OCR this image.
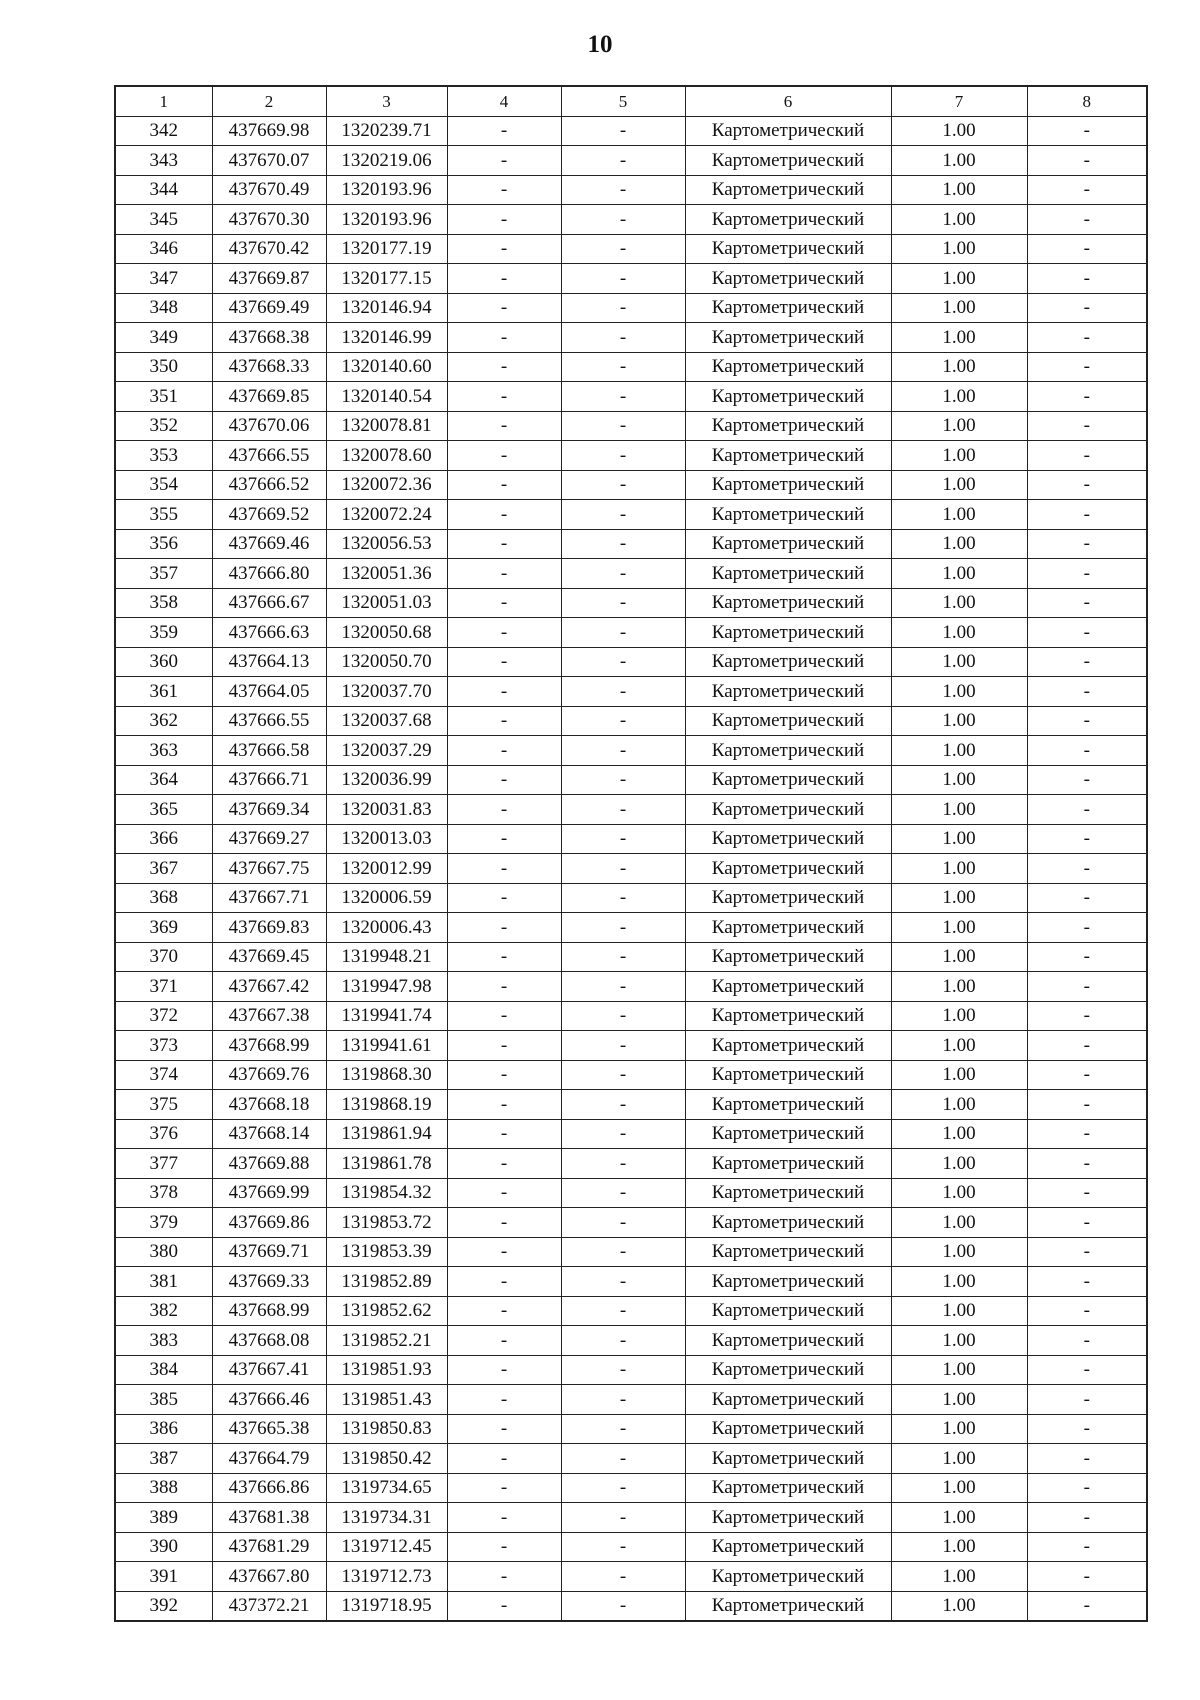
10
1	2	3	4	5	6	7	8
342	437669.98	1320239.71	-	-	Картометрический	1.00	-
343	437670.07	1320219.06	-	-	Картометрический	1.00	-
344	437670.49	1320193.96	-	-	Картометрический	1.00	-
345	437670.30	1320193.96	-	-	Картометрический	1.00	-
346	437670.42	1320177.19	-	-	Картометрический	1.00	-
347	437669.87	1320177.15	-	-	Картометрический	1.00	-
348	437669.49	1320146.94	-	-	Картометрический	1.00	-
349	437668.38	1320146.99	-	-	Картометрический	1.00	-
350	437668.33	1320140.60	-	-	Картометрический	1.00	-
351	437669.85	1320140.54	-	-	Картометрический	1.00	-
352	437670.06	1320078.81	-	-	Картометрический	1.00	-
353	437666.55	1320078.60	-	-	Картометрический	1.00	-
354	437666.52	1320072.36	-	-	Картометрический	1.00	-
355	437669.52	1320072.24	-	-	Картометрический	1.00	-
356	437669.46	1320056.53	-	-	Картометрический	1.00	-
357	437666.80	1320051.36	-	-	Картометрический	1.00	-
358	437666.67	1320051.03	-	-	Картометрический	1.00	-
359	437666.63	1320050.68	-	-	Картометрический	1.00	-
360	437664.13	1320050.70	-	-	Картометрический	1.00	-
361	437664.05	1320037.70	-	-	Картометрический	1.00	-
362	437666.55	1320037.68	-	-	Картометрический	1.00	-
363	437666.58	1320037.29	-	-	Картометрический	1.00	-
364	437666.71	1320036.99	-	-	Картометрический	1.00	-
365	437669.34	1320031.83	-	-	Картометрический	1.00	-
366	437669.27	1320013.03	-	-	Картометрический	1.00	-
367	437667.75	1320012.99	-	-	Картометрический	1.00	-
368	437667.71	1320006.59	-	-	Картометрический	1.00	-
369	437669.83	1320006.43	-	-	Картометрический	1.00	-
370	437669.45	1319948.21	-	-	Картометрический	1.00	-
371	437667.42	1319947.98	-	-	Картометрический	1.00	-
372	437667.38	1319941.74	-	-	Картометрический	1.00	-
373	437668.99	1319941.61	-	-	Картометрический	1.00	-
374	437669.76	1319868.30	-	-	Картометрический	1.00	-
375	437668.18	1319868.19	-	-	Картометрический	1.00	-
376	437668.14	1319861.94	-	-	Картометрический	1.00	-
377	437669.88	1319861.78	-	-	Картометрический	1.00	-
378	437669.99	1319854.32	-	-	Картометрический	1.00	-
379	437669.86	1319853.72	-	-	Картометрический	1.00	-
380	437669.71	1319853.39	-	-	Картометрический	1.00	-
381	437669.33	1319852.89	-	-	Картометрический	1.00	-
382	437668.99	1319852.62	-	-	Картометрический	1.00	-
383	437668.08	1319852.21	-	-	Картометрический	1.00	-
384	437667.41	1319851.93	-	-	Картометрический	1.00	-
385	437666.46	1319851.43	-	-	Картометрический	1.00	-
386	437665.38	1319850.83	-	-	Картометрический	1.00	-
387	437664.79	1319850.42	-	-	Картометрический	1.00	-
388	437666.86	1319734.65	-	-	Картометрический	1.00	-
389	437681.38	1319734.31	-	-	Картометрический	1.00	-
390	437681.29	1319712.45	-	-	Картометрический	1.00	-
391	437667.80	1319712.73	-	-	Картометрический	1.00	-
392	437372.21	1319718.95	-	-	Картометрический	1.00	-
